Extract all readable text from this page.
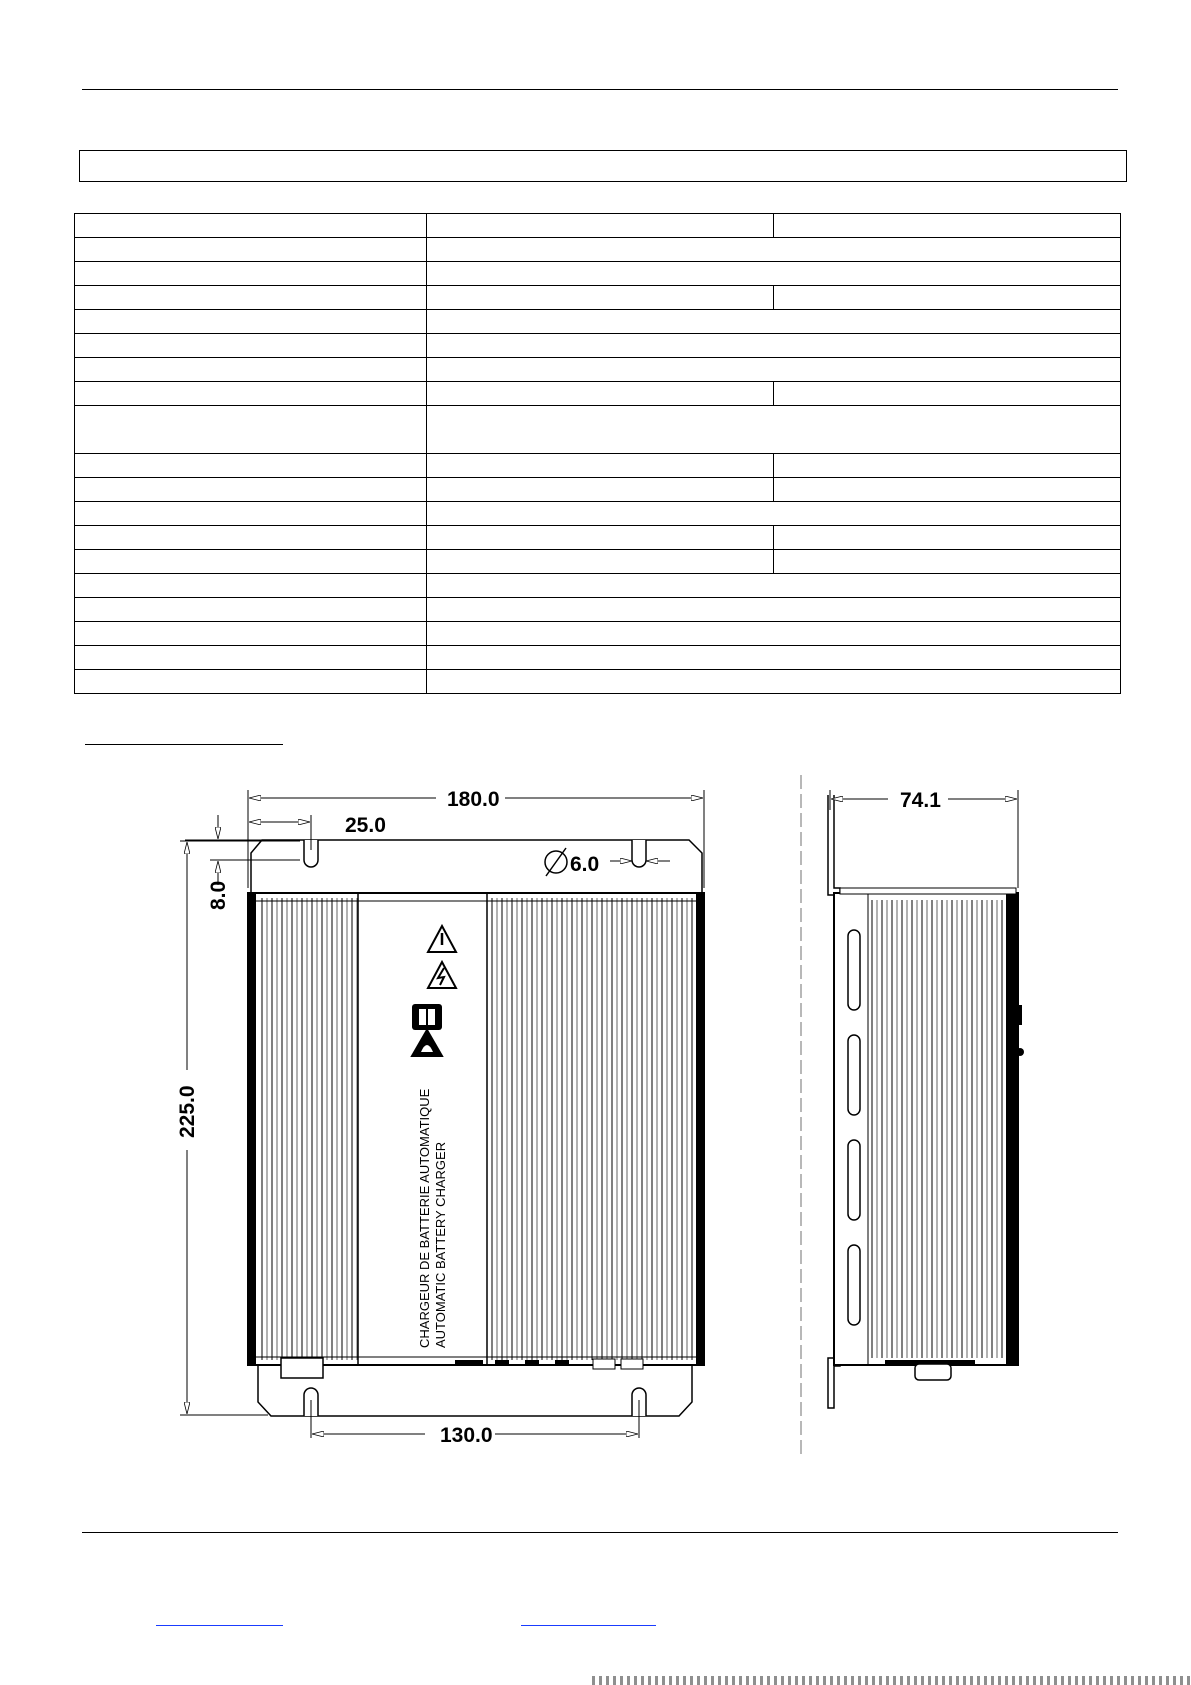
CHARGEUR DE BATTERIE AUTOMATIQUE AUTOMATIC BATTERY CHARGER
180.0
25.0
6.0
8.0
225.0
130.0
74.1
